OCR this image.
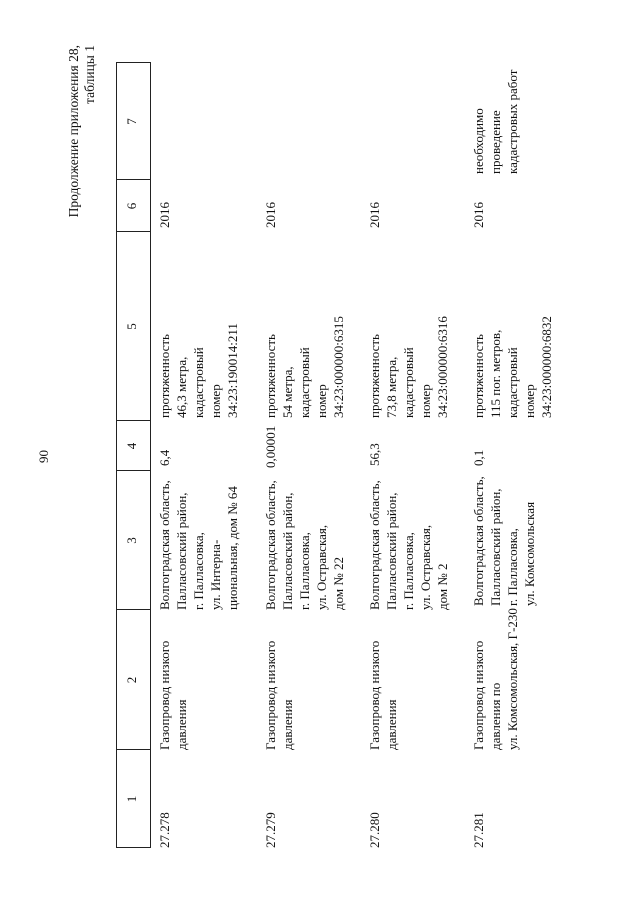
90
Продолжение приложения 28, таблицы 1
1
2
3
4
5
6
7
27.278
Газопровод низкого
давления
Волгоградская область,
Палласовский район,
г. Палласовка,
ул. Интерна-
циональная, дом № 64
6,4
протяженность
46,3 метра,
кадастровый
номер
34:23:190014:211
2016
27.279
Газопровод низкого
давления
Волгоградская область,
Палласовский район,
г. Палласовка,
ул. Остравская,
дом № 22
0,00001
протяженность
54 метра,
кадастровый
номер
34:23:000000:6315
2016
27.280
Газопровод низкого
давления
Волгоградская область,
Палласовский район,
г. Палласовка,
ул. Остравская,
дом № 2
56,3
протяженность
73,8 метра,
кадастровый
номер
34:23:000000:6316
2016
27.281
Газопровод низкого
давления по
ул. Комсомольская, Г-230
Волгоградская область,
Палласовский район,
г. Палласовка,
ул. Комсомольская
0,1
протяженность
115 пог. метров,
кадастровый
номер
34:23:000000:6832
2016
необходимо
проведение
кадастровых работ
